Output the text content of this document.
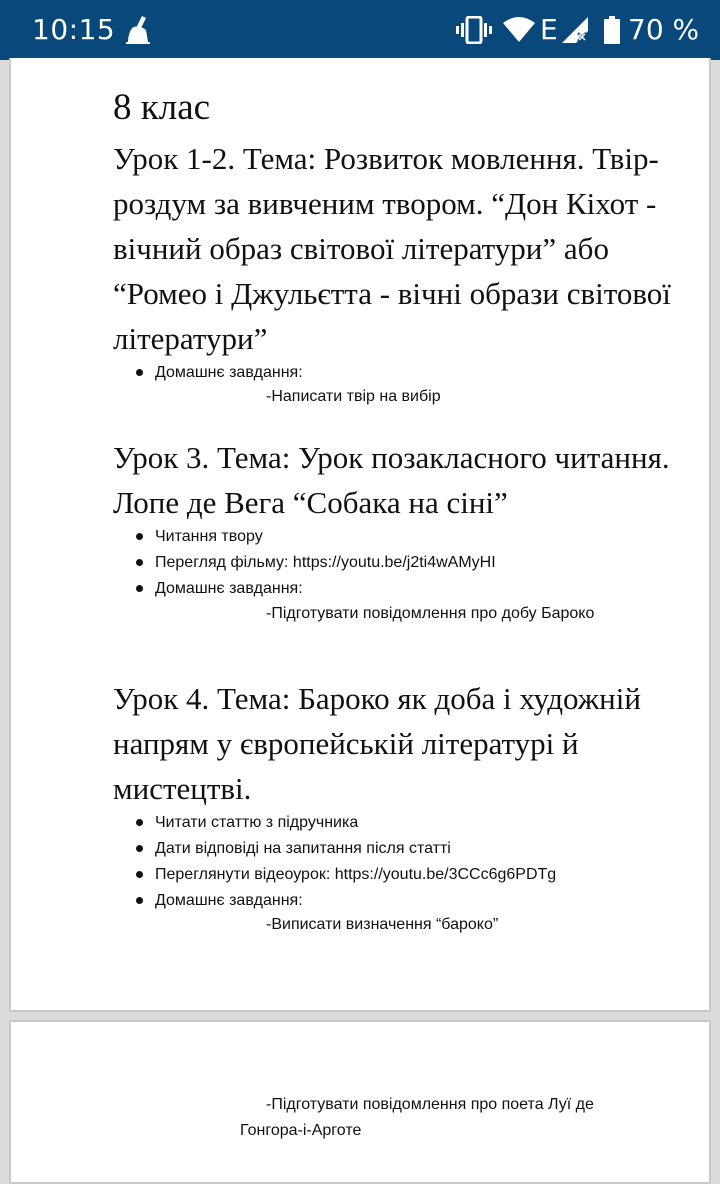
10:15	E	70 %
8 клас
Урок 1-2. Тема: Розвиток мовлення. Твір-роздум за вивченим твором. “Дон Кіхот - вічний образ світової літератури” або “Ромео і Джульєтта - вічні образи світової літератури”
Домашнє завдання:

-Написати твір на вибір

Урок 3. Тема: Урок позакласного читання. Лопе де Вега “Собака на сіні”
Читання твору
Перегляд фільму: https://youtu.be/j2ti4wAMyHI
Домашнє завдання:

-Підготувати повідомлення про добу Бароко

Урок 4. Тема: Бароко як доба і художній напрям у європейській літературі й мистецтві.
Читати статтю з підручника
Дати відповіді на запитання після статті
Переглянути відеоурок: https://youtu.be/3CCc6g6PDTg
Домашнє завдання:

-Виписати визначення “бароко”

-Підготувати повідомлення про поета Луї де Гонгора-і-Арготе
